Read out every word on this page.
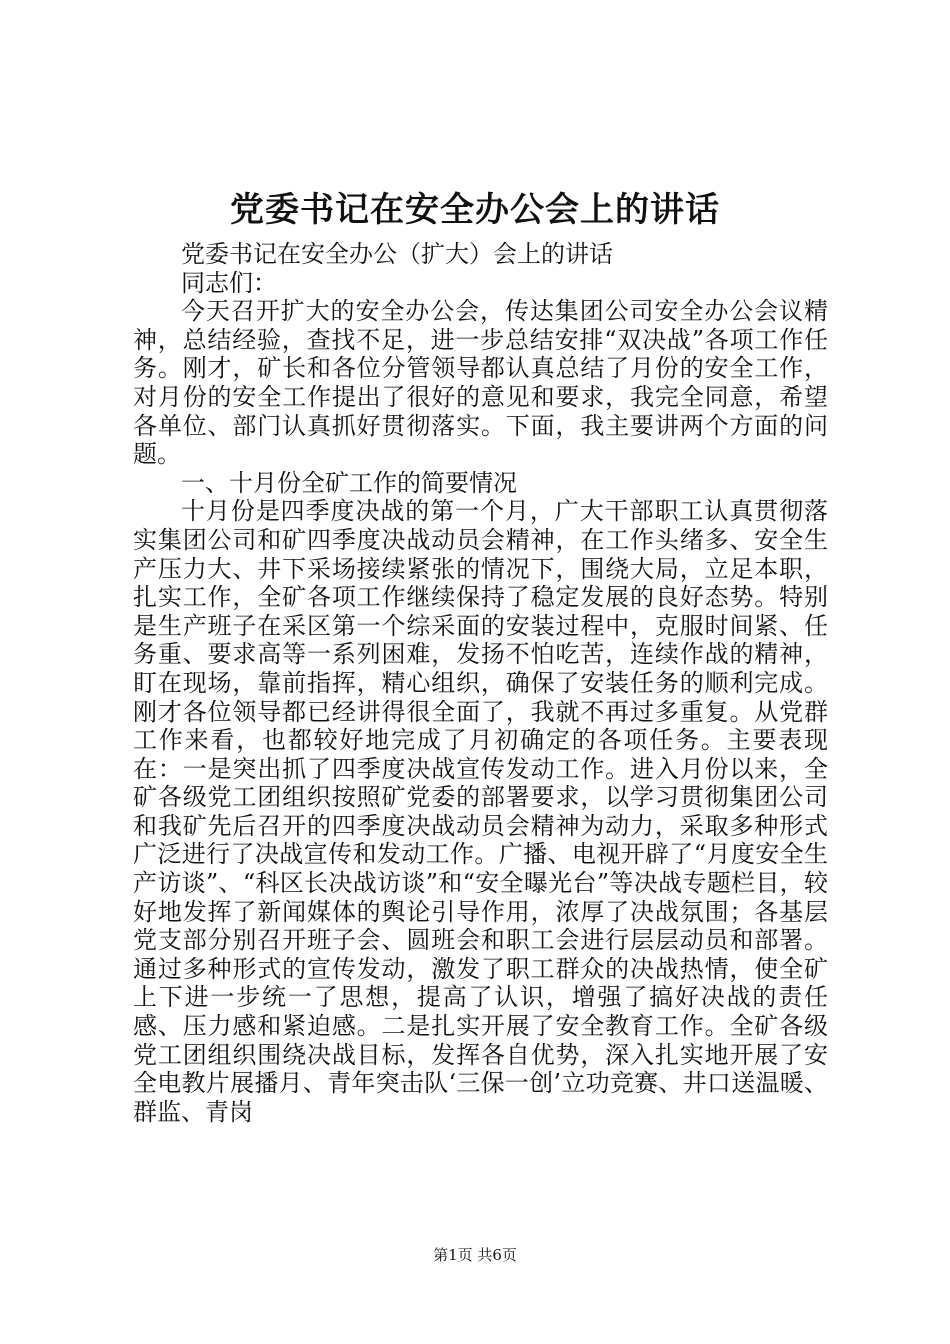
党委书记在安全办公会上的讲话

党委书记在安全办公（扩大）会上的讲话

同志们：

今天召开扩大的安全办公会，传达集团公司安全办公会议精神，总结经验，查找不足，进一步总结安排“双决战”各项工作任务。刚才，矿长和各位分管领导都认真总结了月份的安全工作，对月份的安全工作提出了很好的意见和要求，我完全同意，希望各单位、部门认真抓好贯彻落实。下面，我主要讲两个方面的问题。

一、十月份全矿工作的简要情况

十月份是四季度决战的第一个月，广大干部职工认真贯彻落实集团公司和矿四季度决战动员会精神，在工作头绪多、安全生产压力大、井下采场接续紧张的情况下，围绕大局，立足本职，扎实工作，全矿各项工作继续保持了稳定发展的良好态势。特别是生产班子在采区第一个综采面的安装过程中，克服时间紧、任务重、要求高等一系列困难，发扬不怕吃苦，连续作战的精神，盯在现场，靠前指挥，精心组织，确保了安装任务的顺利完成。刚才各位领导都已经讲得很全面了，我就不再过多重复。从党群工作来看，也都较好地完成了月初确定的各项任务。主要表现在：一是突出抓了四季度决战宣传发动工作。进入月份以来，全矿各级党工团组织按照矿党委的部署要求，以学习贯彻集团公司和我矿先后召开的四季度决战动员会精神为动力，采取多种形式广泛进行了决战宣传和发动工作。广播、电视开辟了“月度安全生产访谈”、“科区长决战访谈”和“安全曝光台”等决战专题栏目，较好地发挥了新闻媒体的舆论引导作用，浓厚了决战氛围；各基层党支部分别召开班子会、圆班会和职工会进行层层动员和部署。通过多种形式的宣传发动，激发了职工群众的决战热情，使全矿上下进一步统一了思想，提高了认识，增强了搞好决战的责任感、压力感和紧迫感。二是扎实开展了安全教育工作。全矿各级党工团组织围绕决战目标，发挥各自优势，深入扎实地开展了安全电教片展播月、青年突击队‘三保一创’立功竞赛、井口送温暖、群监、青岗

第1页 共6页
